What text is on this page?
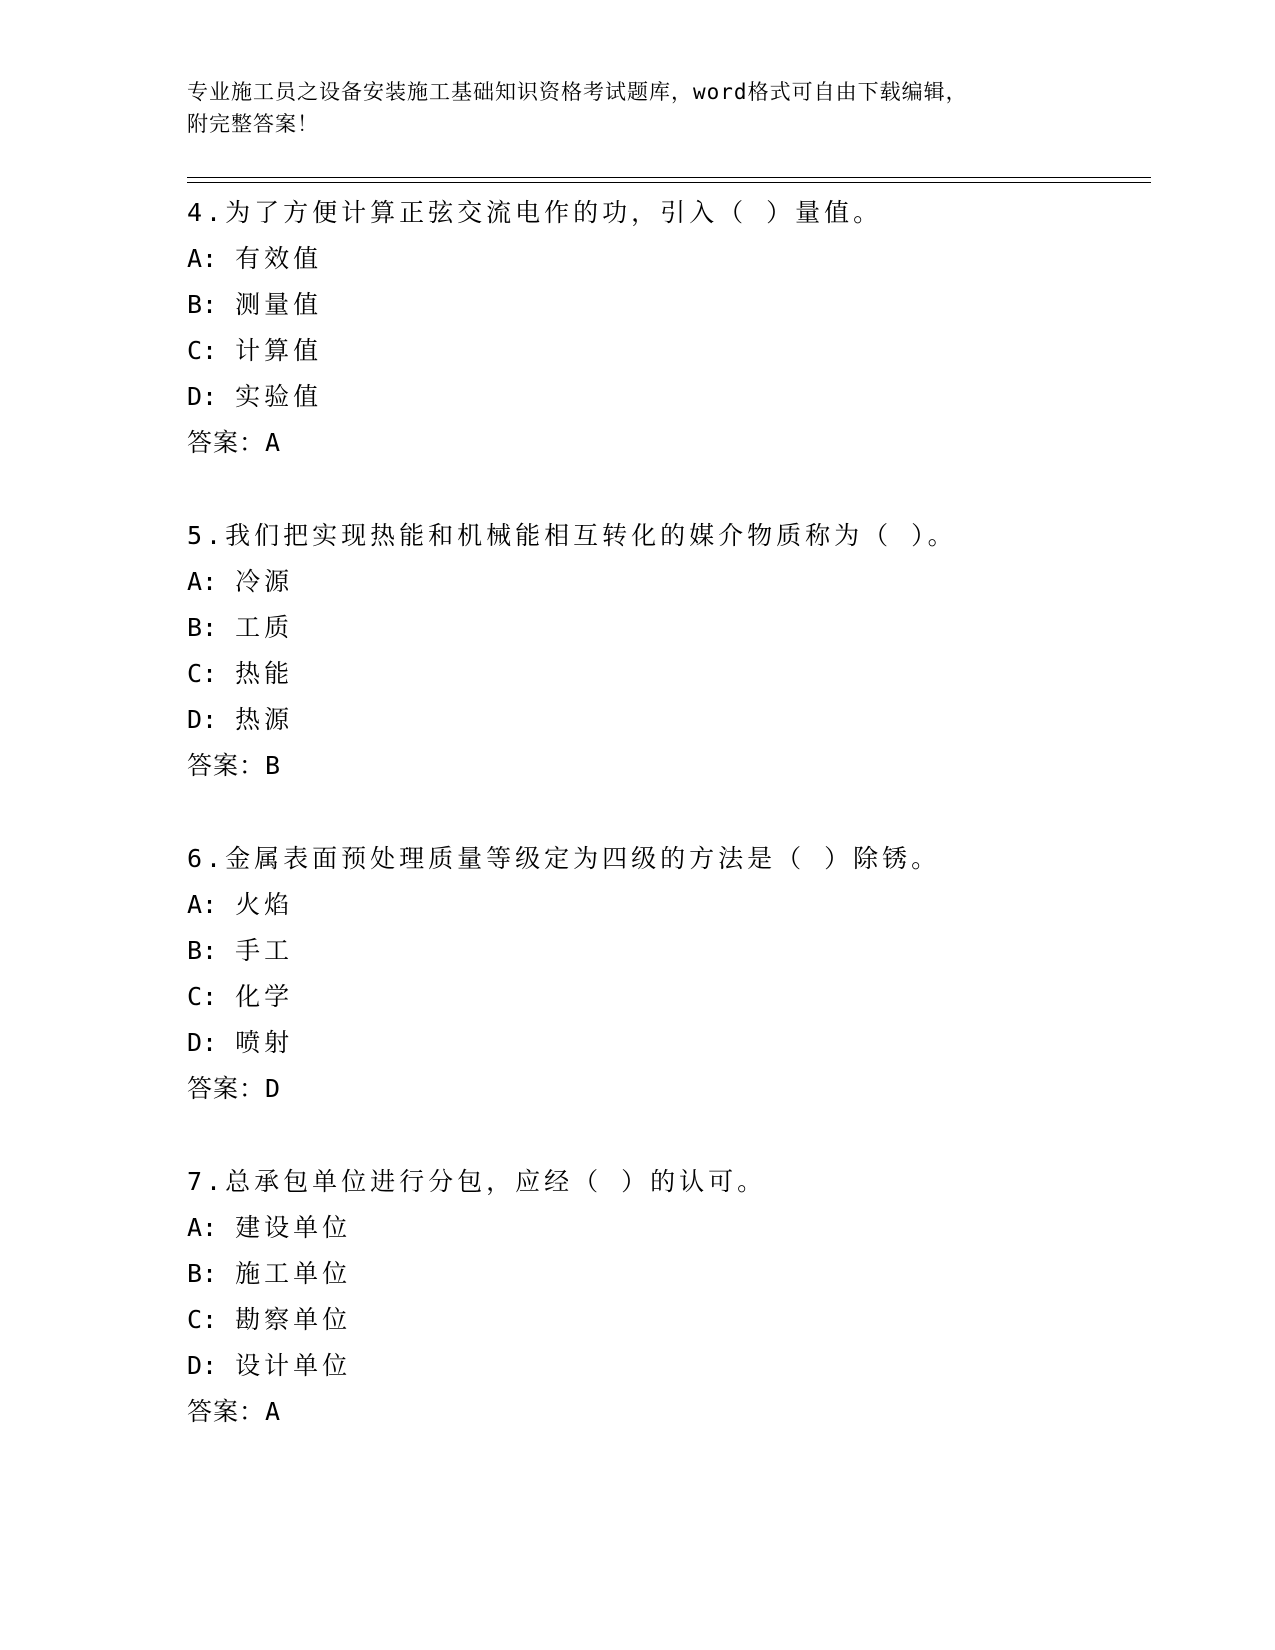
专业施工员之设备安装施工基础知识资格考试题库，word格式可自由下载编辑，
附完整答案！
4.为了方便计算正弦交流电作的功，引入（ ）量值。
A: 有效值
B: 测量值
C: 计算值
D: 实验值
答案：A
5.我们把实现热能和机械能相互转化的媒介物质称为（ ）。
A: 冷源
B: 工质
C: 热能
D: 热源
答案：B
6.金属表面预处理质量等级定为四级的方法是（ ）除锈。
A: 火焰
B: 手工
C: 化学
D: 喷射
答案：D
7.总承包单位进行分包，应经（ ）的认可。
A: 建设单位
B: 施工单位
C: 勘察单位
D: 设计单位
答案：A
